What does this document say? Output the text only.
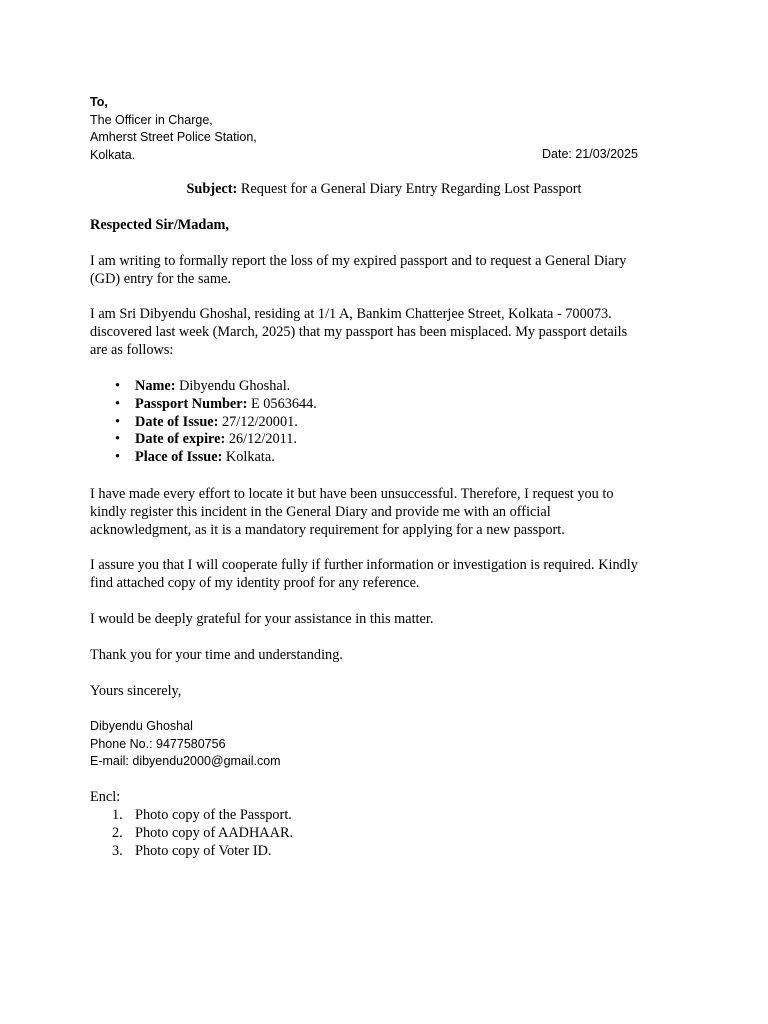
To,
The Officer in Charge,
Amherst Street Police Station,
Kolkata.	Date: 21/03/2025
Subject: Request for a General Diary Entry Regarding Lost Passport
Respected Sir/Madam,
I am writing to formally report the loss of my expired passport and to request a General Diary
(GD) entry for the same.
I am Sri Dibyendu Ghoshal, residing at 1/1 A, Bankim Chatterjee Street, Kolkata - 700073.
discovered last week (March, 2025) that my passport has been misplaced. My passport details
are as follows:
• Name: Dibyendu Ghoshal.
• Passport Number: E 0563644.
• Date of Issue: 27/12/20001.
• Date of expire: 26/12/2011.
• Place of Issue: Kolkata.
I have made every effort to locate it but have been unsuccessful. Therefore, I request you to
kindly register this incident in the General Diary and provide me with an official
acknowledgment, as it is a mandatory requirement for applying for a new passport.
I assure you that I will cooperate fully if further information or investigation is required. Kindly
find attached copy of my identity proof for any reference.
I would be deeply grateful for your assistance in this matter.
Thank you for your time and understanding.
Yours sincerely,
Dibyendu Ghoshal
Phone No.: 9477580756
E-mail: dibyendu2000@gmail.com
Encl:
1. Photo copy of the Passport.
2. Photo copy of AADHAAR.
3. Photo copy of Voter ID.
